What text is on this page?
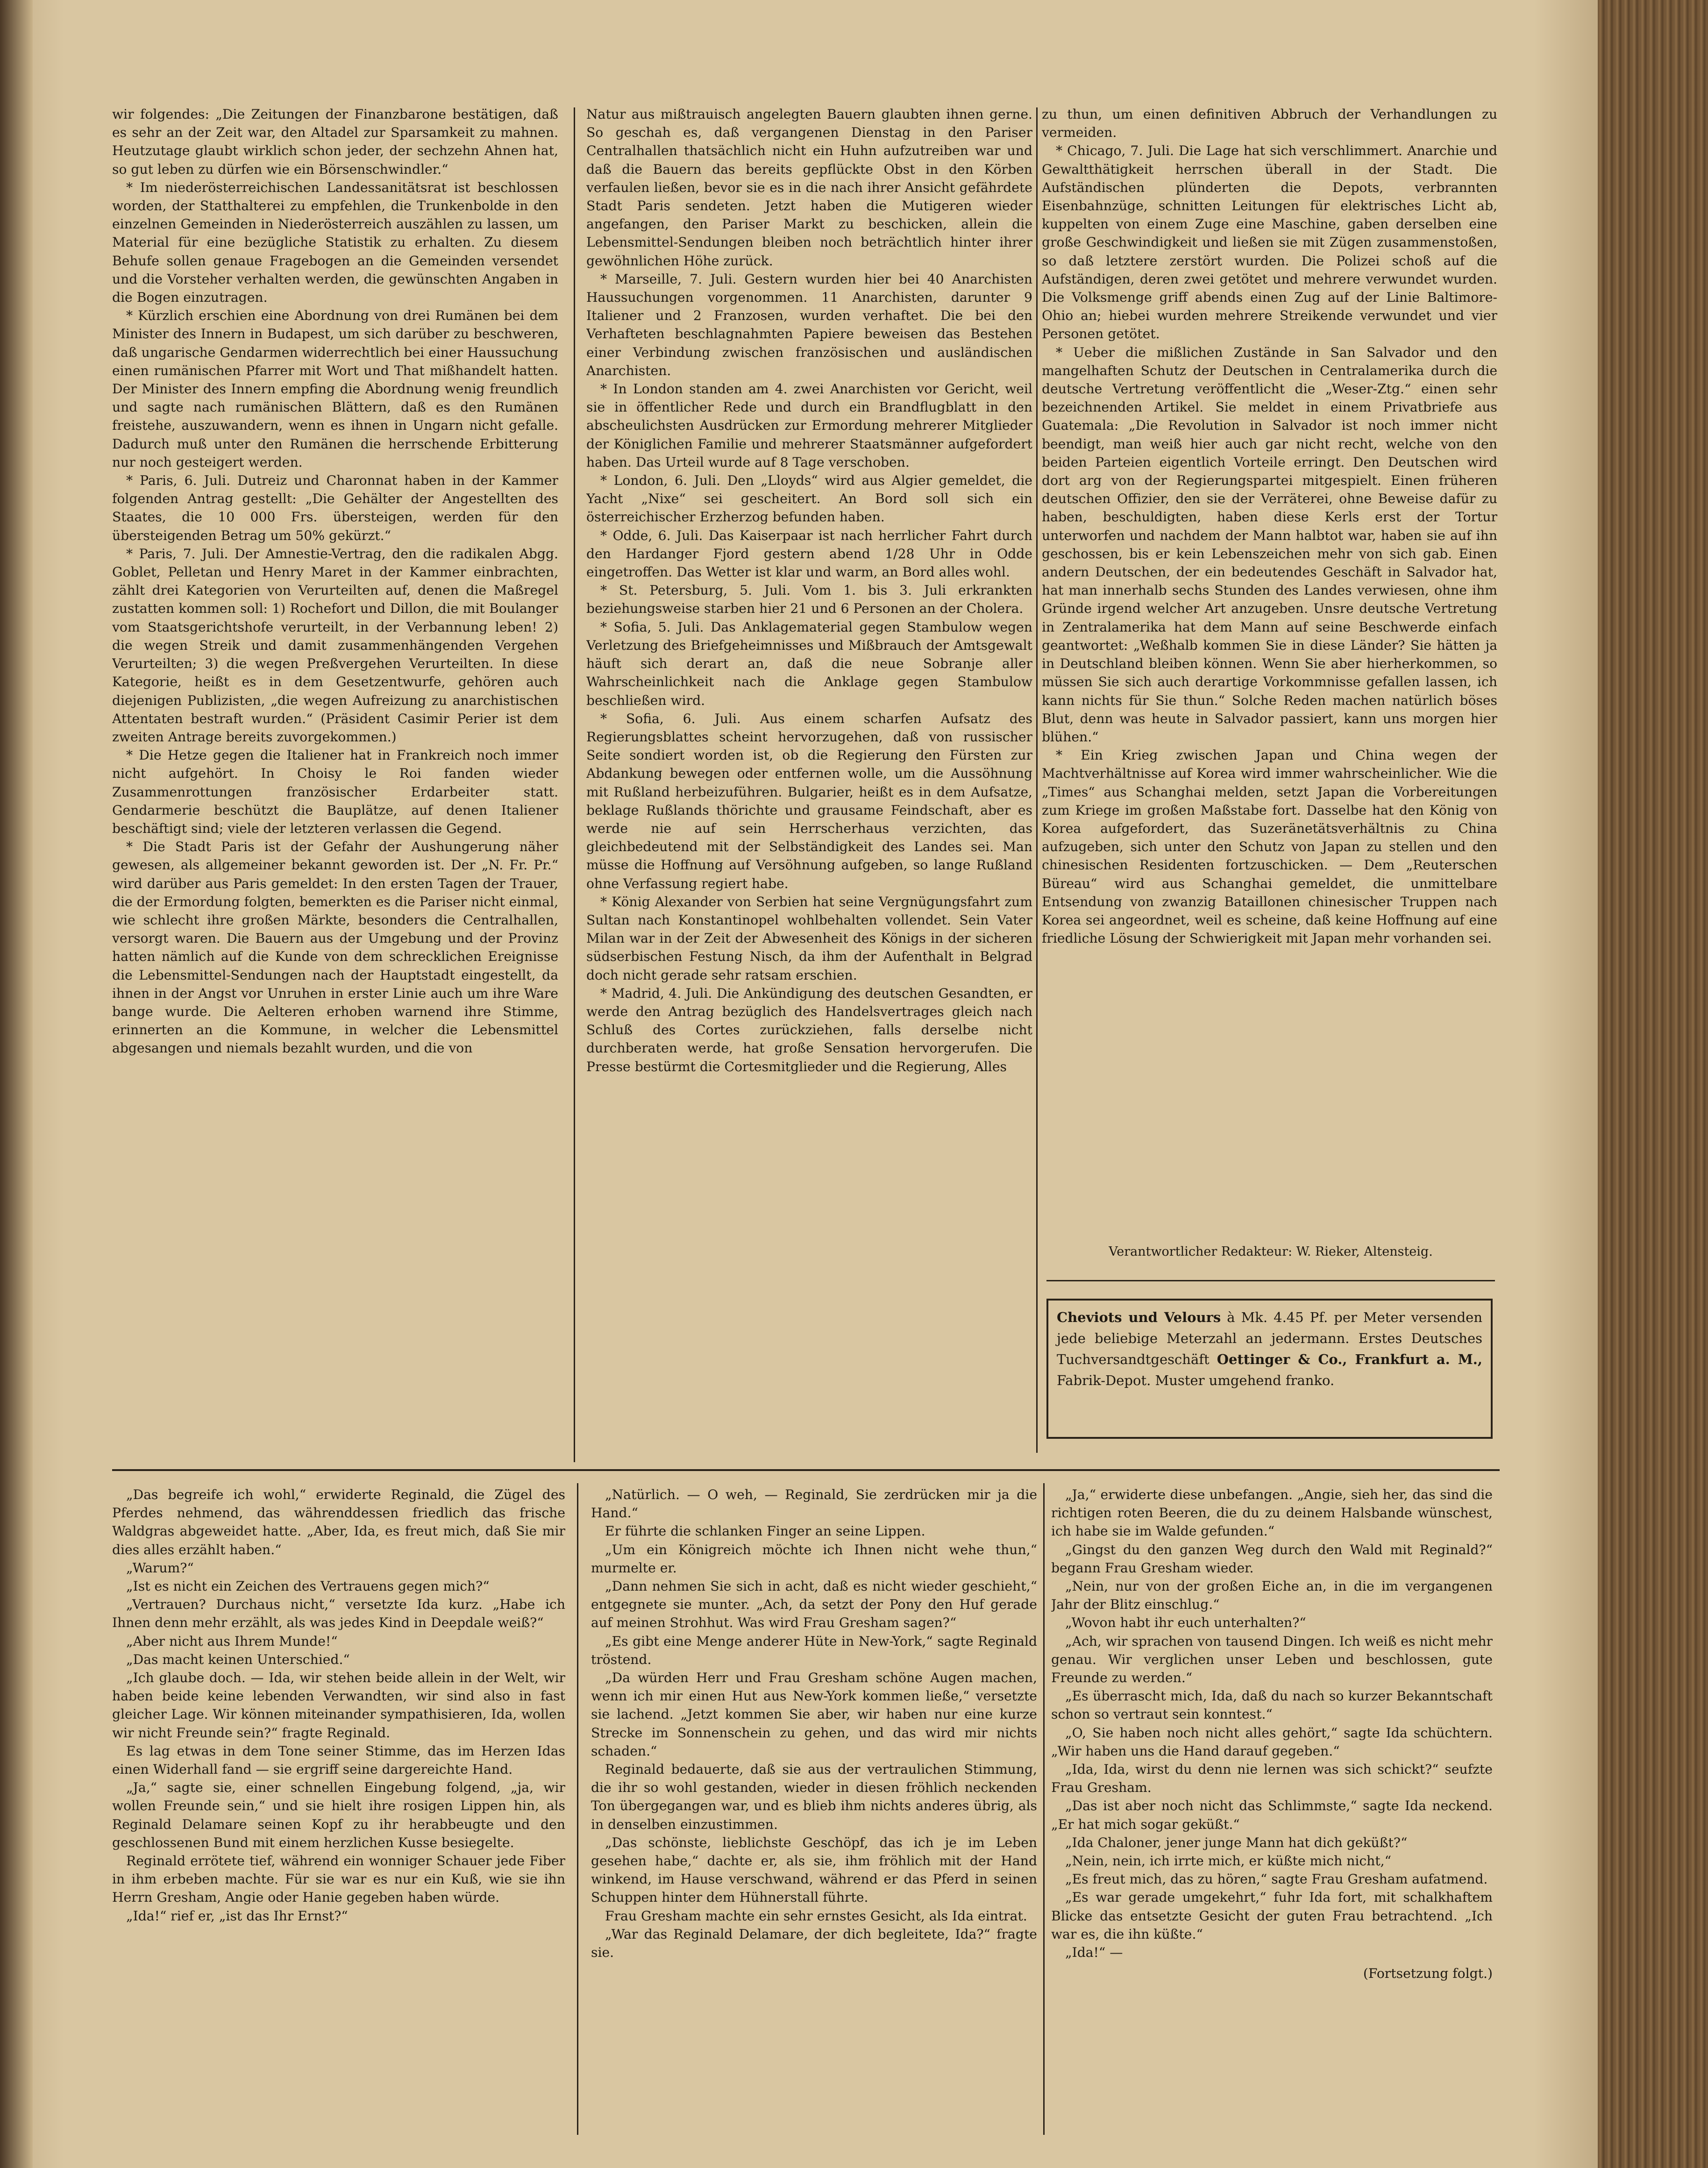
wir folgendes: „Die Zeitungen der Finanzbarone bestätigen, daß es sehr an der Zeit war, den Altadel zur Sparsamkeit zu mahnen. Heutzutage glaubt wirklich schon jeder, der sechzehn Ahnen hat, so gut leben zu dürfen wie ein Börsenschwindler.“

* Im niederösterreichischen Landessanitätsrat ist beschlossen worden, der Statthalterei zu empfehlen, die Trunkenbolde in den einzelnen Gemeinden in Niederösterreich auszählen zu lassen, um Material für eine bezügliche Statistik zu erhalten. Zu diesem Behufe sollen genaue Fragebogen an die Gemeinden versendet und die Vorsteher verhalten werden, die gewünschten Angaben in die Bogen einzutragen.

* Kürzlich erschien eine Abordnung von drei Rumänen bei dem Minister des Innern in Budapest, um sich darüber zu beschweren, daß ungarische Gendarmen widerrechtlich bei einer Haussuchung einen rumänischen Pfarrer mit Wort und That mißhandelt hatten. Der Minister des Innern empfing die Abordnung wenig freundlich und sagte nach rumänischen Blättern, daß es den Rumänen freistehe, auszuwandern, wenn es ihnen in Ungarn nicht gefalle. Dadurch muß unter den Rumänen die herrschende Erbitterung nur noch gesteigert werden.

* Paris, 6. Juli. Dutreiz und Charonnat haben in der Kammer folgenden Antrag gestellt: „Die Gehälter der Angestellten des Staates, die 10 000 Frs. übersteigen, werden für den übersteigenden Betrag um 50% gekürzt.“

* Paris, 7. Juli. Der Amnestie-Vertrag, den die radikalen Abgg. Goblet, Pelletan und Henry Maret in der Kammer einbrachten, zählt drei Kategorien von Verurteilten auf, denen die Maßregel zustatten kommen soll: 1) Rochefort und Dillon, die mit Boulanger vom Staatsgerichtshofe verurteilt, in der Verbannung leben! 2) die wegen Streik und damit zusammenhängenden Vergehen Verurteilten; 3) die wegen Preßvergehen Verurteilten. In diese Kategorie, heißt es in dem Gesetzentwurfe, gehören auch diejenigen Publizisten, „die wegen Aufreizung zu anarchistischen Attentaten bestraft wurden.“ (Präsident Casimir Perier ist dem zweiten Antrage bereits zuvorgekommen.)

* Die Hetze gegen die Italiener hat in Frankreich noch immer nicht aufgehört. In Choisy le Roi fanden wieder Zusammenrottungen französischer Erdarbeiter statt. Gendarmerie beschützt die Bauplätze, auf denen Italiener beschäftigt sind; viele der letzteren verlassen die Gegend.

* Die Stadt Paris ist der Gefahr der Aushungerung näher gewesen, als allgemeiner bekannt geworden ist. Der „N. Fr. Pr.“ wird darüber aus Paris gemeldet: In den ersten Tagen der Trauer, die der Ermordung folgten, bemerkten es die Pariser nicht einmal, wie schlecht ihre großen Märkte, besonders die Centralhallen, versorgt waren. Die Bauern aus der Umgebung und der Provinz hatten nämlich auf die Kunde von dem schrecklichen Ereignisse die Lebensmittel-Sendungen nach der Hauptstadt eingestellt, da ihnen in der Angst vor Unruhen in erster Linie auch um ihre Ware bange wurde. Die Aelteren erhoben warnend ihre Stimme, erinnerten an die Kommune, in welcher die Lebensmittel abgesangen und niemals bezahlt wurden, und die von

Natur aus mißtrauisch angelegten Bauern glaubten ihnen gerne. So geschah es, daß vergangenen Dienstag in den Pariser Centralhallen thatsächlich nicht ein Huhn aufzutreiben war und daß die Bauern das bereits gepflückte Obst in den Körben verfaulen ließen, bevor sie es in die nach ihrer Ansicht gefährdete Stadt Paris sendeten. Jetzt haben die Mutigeren wieder angefangen, den Pariser Markt zu beschicken, allein die Lebensmittel-Sendungen bleiben noch beträchtlich hinter ihrer gewöhnlichen Höhe zurück.

* Marseille, 7. Juli. Gestern wurden hier bei 40 Anarchisten Haussuchungen vorgenommen. 11 Anarchisten, darunter 9 Italiener und 2 Franzosen, wurden verhaftet. Die bei den Verhafteten beschlagnahmten Papiere beweisen das Bestehen einer Verbindung zwischen französischen und ausländischen Anarchisten.

* In London standen am 4. zwei Anarchisten vor Gericht, weil sie in öffentlicher Rede und durch ein Brandflugblatt in den abscheulichsten Ausdrücken zur Ermordung mehrerer Mitglieder der Königlichen Familie und mehrerer Staatsmänner aufgefordert haben. Das Urteil wurde auf 8 Tage verschoben.

* London, 6. Juli. Den „Lloyds“ wird aus Algier gemeldet, die Yacht „Nixe“ sei gescheitert. An Bord soll sich ein österreichischer Erzherzog befunden haben.

* Odde, 6. Juli. Das Kaiserpaar ist nach herrlicher Fahrt durch den Hardanger Fjord gestern abend 1/28 Uhr in Odde eingetroffen. Das Wetter ist klar und warm, an Bord alles wohl.

* St. Petersburg, 5. Juli. Vom 1. bis 3. Juli erkrankten beziehungsweise starben hier 21 und 6 Personen an der Cholera.

* Sofia, 5. Juli. Das Anklagematerial gegen Stambulow wegen Verletzung des Briefgeheimnisses und Mißbrauch der Amtsgewalt häuft sich derart an, daß die neue Sobranje aller Wahrscheinlichkeit nach die Anklage gegen Stambulow beschließen wird.

* Sofia, 6. Juli. Aus einem scharfen Aufsatz des Regierungsblattes scheint hervorzugehen, daß von russischer Seite sondiert worden ist, ob die Regierung den Fürsten zur Abdankung bewegen oder entfernen wolle, um die Aussöhnung mit Rußland herbeizuführen. Bulgarier, heißt es in dem Aufsatze, beklage Rußlands thörichte und grausame Feindschaft, aber es werde nie auf sein Herrscherhaus verzichten, das gleichbedeutend mit der Selbständigkeit des Landes sei. Man müsse die Hoffnung auf Versöhnung aufgeben, so lange Rußland ohne Verfassung regiert habe.

* König Alexander von Serbien hat seine Vergnügungsfahrt zum Sultan nach Konstantinopel wohlbehalten vollendet. Sein Vater Milan war in der Zeit der Abwesenheit des Königs in der sicheren südserbischen Festung Nisch, da ihm der Aufenthalt in Belgrad doch nicht gerade sehr ratsam erschien.

* Madrid, 4. Juli. Die Ankündigung des deutschen Gesandten, er werde den Antrag bezüglich des Handelsvertrages gleich nach Schluß des Cortes zurückziehen, falls derselbe nicht durchberaten werde, hat große Sensation hervorgerufen. Die Presse bestürmt die Cortesmitglieder und die Regierung, Alles

zu thun, um einen definitiven Abbruch der Verhandlungen zu vermeiden.

* Chicago, 7. Juli. Die Lage hat sich verschlimmert. Anarchie und Gewaltthätigkeit herrschen überall in der Stadt. Die Aufständischen plünderten die Depots, verbrannten Eisenbahnzüge, schnitten Leitungen für elektrisches Licht ab, kuppelten von einem Zuge eine Maschine, gaben derselben eine große Geschwindigkeit und ließen sie mit Zügen zusammenstoßen, so daß letztere zerstört wurden. Die Polizei schoß auf die Aufständigen, deren zwei getötet und mehrere verwundet wurden. Die Volksmenge griff abends einen Zug auf der Linie Baltimore-Ohio an; hiebei wurden mehrere Streikende verwundet und vier Personen getötet.

* Ueber die mißlichen Zustände in San Salvador und den mangelhaften Schutz der Deutschen in Centralamerika durch die deutsche Vertretung veröffentlicht die „Weser-Ztg.“ einen sehr bezeichnenden Artikel. Sie meldet in einem Privatbriefe aus Guatemala: „Die Revolution in Salvador ist noch immer nicht beendigt, man weiß hier auch gar nicht recht, welche von den beiden Parteien eigentlich Vorteile erringt. Den Deutschen wird dort arg von der Regierungspartei mitgespielt. Einen früheren deutschen Offizier, den sie der Verräterei, ohne Beweise dafür zu haben, beschuldigten, haben diese Kerls erst der Tortur unterworfen und nachdem der Mann halbtot war, haben sie auf ihn geschossen, bis er kein Lebenszeichen mehr von sich gab. Einen andern Deutschen, der ein bedeutendes Geschäft in Salvador hat, hat man innerhalb sechs Stunden des Landes verwiesen, ohne ihm Gründe irgend welcher Art anzugeben. Unsre deutsche Vertretung in Zentralamerika hat dem Mann auf seine Beschwerde einfach geantwortet: „Weßhalb kommen Sie in diese Länder? Sie hätten ja in Deutschland bleiben können. Wenn Sie aber hierherkommen, so müssen Sie sich auch derartige Vorkommnisse gefallen lassen, ich kann nichts für Sie thun.“ Solche Reden machen natürlich böses Blut, denn was heute in Salvador passiert, kann uns morgen hier blühen.“

* Ein Krieg zwischen Japan und China wegen der Machtverhältnisse auf Korea wird immer wahrscheinlicher. Wie die „Times“ aus Schanghai melden, setzt Japan die Vorbereitungen zum Kriege im großen Maßstabe fort. Dasselbe hat den König von Korea aufgefordert, das Suzeränetätsverhältnis zu China aufzugeben, sich unter den Schutz von Japan zu stellen und den chinesischen Residenten fortzuschicken. — Dem „Reuterschen Büreau“ wird aus Schanghai gemeldet, die unmittelbare Entsendung von zwanzig Bataillonen chinesischer Truppen nach Korea sei angeordnet, weil es scheine, daß keine Hoffnung auf eine friedliche Lösung der Schwierigkeit mit Japan mehr vorhanden sei.

Verantwortlicher Redakteur: W. Rieker, Altensteig.
Cheviots und Velours à Mk. 4.45 Pf. per Meter versenden jede beliebige Meterzahl an jedermann. Erstes Deutsches Tuchversandtgeschäft Oettinger & Co., Frankfurt a. M., Fabrik-Depot. Muster umgehend franko.

„Das begreife ich wohl,“ erwiderte Reginald, die Zügel des Pferdes nehmend, das währenddessen friedlich das frische Waldgras abgeweidet hatte. „Aber, Ida, es freut mich, daß Sie mir dies alles erzählt haben.“

„Warum?“

„Ist es nicht ein Zeichen des Vertrauens gegen mich?“

„Vertrauen? Durchaus nicht,“ versetzte Ida kurz. „Habe ich Ihnen denn mehr erzählt, als was jedes Kind in Deepdale weiß?“

„Aber nicht aus Ihrem Munde!“

„Das macht keinen Unterschied.“

„Ich glaube doch. — Ida, wir stehen beide allein in der Welt, wir haben beide keine lebenden Verwandten, wir sind also in fast gleicher Lage. Wir können miteinander sympathisieren, Ida, wollen wir nicht Freunde sein?“ fragte Reginald.

Es lag etwas in dem Tone seiner Stimme, das im Herzen Idas einen Widerhall fand — sie ergriff seine dargereichte Hand.

„Ja,“ sagte sie, einer schnellen Eingebung folgend, „ja, wir wollen Freunde sein,“ und sie hielt ihre rosigen Lippen hin, als Reginald Delamare seinen Kopf zu ihr herabbeugte und den geschlossenen Bund mit einem herzlichen Kusse besiegelte.

Reginald errötete tief, während ein wonniger Schauer jede Fiber in ihm erbeben machte. Für sie war es nur ein Kuß, wie sie ihn Herrn Gresham, Angie oder Hanie gegeben haben würde.

„Ida!“ rief er, „ist das Ihr Ernst?“

„Natürlich. — O weh, — Reginald, Sie zerdrücken mir ja die Hand.“

Er führte die schlanken Finger an seine Lippen.

„Um ein Königreich möchte ich Ihnen nicht wehe thun,“ murmelte er.

„Dann nehmen Sie sich in acht, daß es nicht wieder geschieht,“ entgegnete sie munter. „Ach, da setzt der Pony den Huf gerade auf meinen Strohhut. Was wird Frau Gresham sagen?“

„Es gibt eine Menge anderer Hüte in New-York,“ sagte Reginald tröstend.

„Da würden Herr und Frau Gresham schöne Augen machen, wenn ich mir einen Hut aus New-York kommen ließe,“ versetzte sie lachend. „Jetzt kommen Sie aber, wir haben nur eine kurze Strecke im Sonnenschein zu gehen, und das wird mir nichts schaden.“

Reginald bedauerte, daß sie aus der vertraulichen Stimmung, die ihr so wohl gestanden, wieder in diesen fröhlich neckenden Ton übergegangen war, und es blieb ihm nichts anderes übrig, als in denselben einzustimmen.

„Das schönste, lieblichste Geschöpf, das ich je im Leben gesehen habe,“ dachte er, als sie, ihm fröhlich mit der Hand winkend, im Hause verschwand, während er das Pferd in seinen Schuppen hinter dem Hühnerstall führte.

Frau Gresham machte ein sehr ernstes Gesicht, als Ida eintrat.

„War das Reginald Delamare, der dich begleitete, Ida?“ fragte sie.

„Ja,“ erwiderte diese unbefangen. „Angie, sieh her, das sind die richtigen roten Beeren, die du zu deinem Halsbande wünschest, ich habe sie im Walde gefunden.“

„Gingst du den ganzen Weg durch den Wald mit Reginald?“ begann Frau Gresham wieder.

„Nein, nur von der großen Eiche an, in die im vergangenen Jahr der Blitz einschlug.“

„Wovon habt ihr euch unterhalten?“

„Ach, wir sprachen von tausend Dingen. Ich weiß es nicht mehr genau. Wir verglichen unser Leben und beschlossen, gute Freunde zu werden.“

„Es überrascht mich, Ida, daß du nach so kurzer Bekanntschaft schon so vertraut sein konntest.“

„O, Sie haben noch nicht alles gehört,“ sagte Ida schüchtern. „Wir haben uns die Hand darauf gegeben.“

„Ida, Ida, wirst du denn nie lernen was sich schickt?“ seufzte Frau Gresham.

„Das ist aber noch nicht das Schlimmste,“ sagte Ida neckend. „Er hat mich sogar geküßt.“

„Ida Chaloner, jener junge Mann hat dich geküßt?“

„Nein, nein, ich irrte mich, er küßte mich nicht,“

„Es freut mich, das zu hören,“ sagte Frau Gresham aufatmend.

„Es war gerade umgekehrt,“ fuhr Ida fort, mit schalkhaftem Blicke das entsetzte Gesicht der guten Frau betrachtend. „Ich war es, die ihn küßte.“

„Ida!“ —

(Fortsetzung folgt.)
